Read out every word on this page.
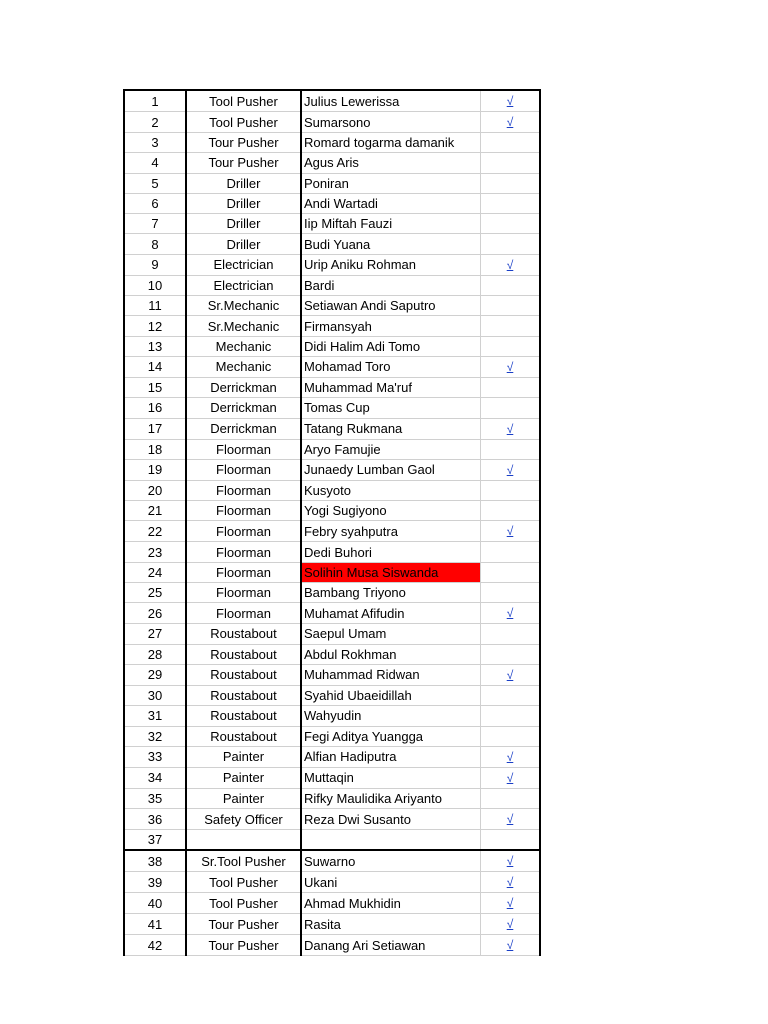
1	Tool Pusher	Julius Lewerissa	√
2	Tool Pusher	Sumarsono	√
3	Tour Pusher	Romard togarma damanik	
4	Tour Pusher	Agus Aris	
5	Driller	Poniran	
6	Driller	Andi Wartadi	
7	Driller	Iip Miftah Fauzi	
8	Driller	Budi Yuana	
9	Electrician	Urip Aniku Rohman	√
10	Electrician	Bardi	
11	Sr.Mechanic	Setiawan Andi Saputro	
12	Sr.Mechanic	Firmansyah	
13	Mechanic	Didi Halim Adi Tomo	
14	Mechanic	Mohamad Toro	√
15	Derrickman	Muhammad Ma'ruf	
16	Derrickman	Tomas Cup	
17	Derrickman	Tatang Rukmana	√
18	Floorman	Aryo Famujie	
19	Floorman	Junaedy Lumban Gaol	√
20	Floorman	Kusyoto	
21	Floorman	Yogi Sugiyono	
22	Floorman	Febry syahputra	√
23	Floorman	Dedi Buhori	
24	Floorman	Solihin Musa Siswanda	
25	Floorman	Bambang Triyono	
26	Floorman	Muhamat Afifudin	√
27	Roustabout	Saepul Umam	
28	Roustabout	Abdul Rokhman	
29	Roustabout	Muhammad Ridwan	√
30	Roustabout	Syahid Ubaeidillah	
31	Roustabout	Wahyudin	
32	Roustabout	Fegi Aditya Yuangga	
33	Painter	Alfian Hadiputra	√
34	Painter	Muttaqin	√
35	Painter	Rifky Maulidika Ariyanto	
36	Safety Officer	Reza Dwi Susanto	√
37			
38	Sr.Tool Pusher	Suwarno	√
39	Tool Pusher	Ukani	√
40	Tool Pusher	Ahmad Mukhidin	√
41	Tour Pusher	Rasita	√
42	Tour Pusher	Danang Ari Setiawan	√
